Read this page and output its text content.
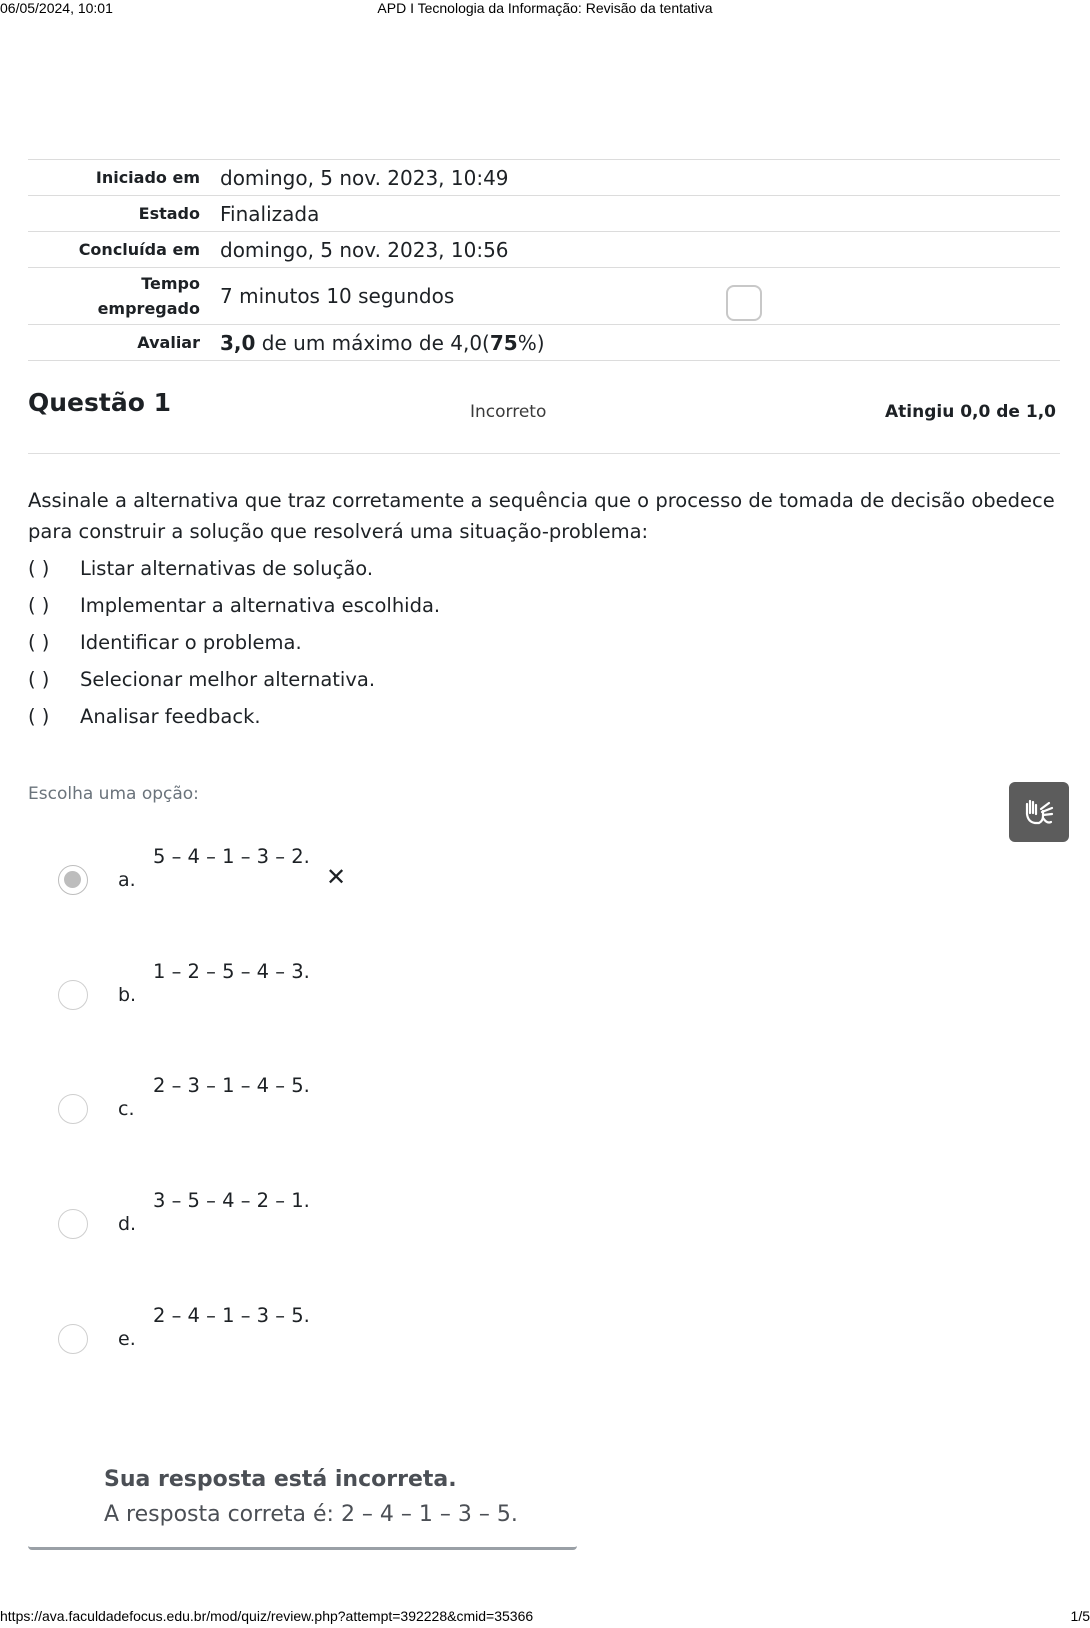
APD I Tecnologia da Informação: Revisão da tentativa
06/05/2024, 10:01
Iniciado em	domingo, 5 nov. 2023, 10:49
Estado	Finalizada
Concluída em	domingo, 5 nov. 2023, 10:56
Tempo
empregado	7 minutos 10 segundos
Avaliar	3,0 de um máximo de 4,0(75%)
Questão 1	Incorreto	Atingiu 0,0 de 1,0
Assinale a alternativa que traz corretamente a sequência que o processo de tomada de decisão obedece para construir a solução que resolverá uma situação-problema:
( ) Listar alternativas de solução.
( ) Implementar a alternativa escolhida.
( ) Identificar o problema.
( ) Selecionar melhor alternativa.
( ) Analisar feedback.
Escolha uma opção:
a.
5 – 4 – 1 – 3 – 2.
✕
b.
1 – 2 – 5 – 4 – 3.
c.
2 – 3 – 1 – 4 – 5.
d.
3 – 5 – 4 – 2 – 1.
e.
2 – 4 – 1 – 3 – 5.
Sua resposta está incorreta.
A resposta correta é: 2 – 4 – 1 – 3 – 5.
https://ava.faculdadefocus.edu.br/mod/quiz/review.php?attempt=392228&cmid=35366	1/5
